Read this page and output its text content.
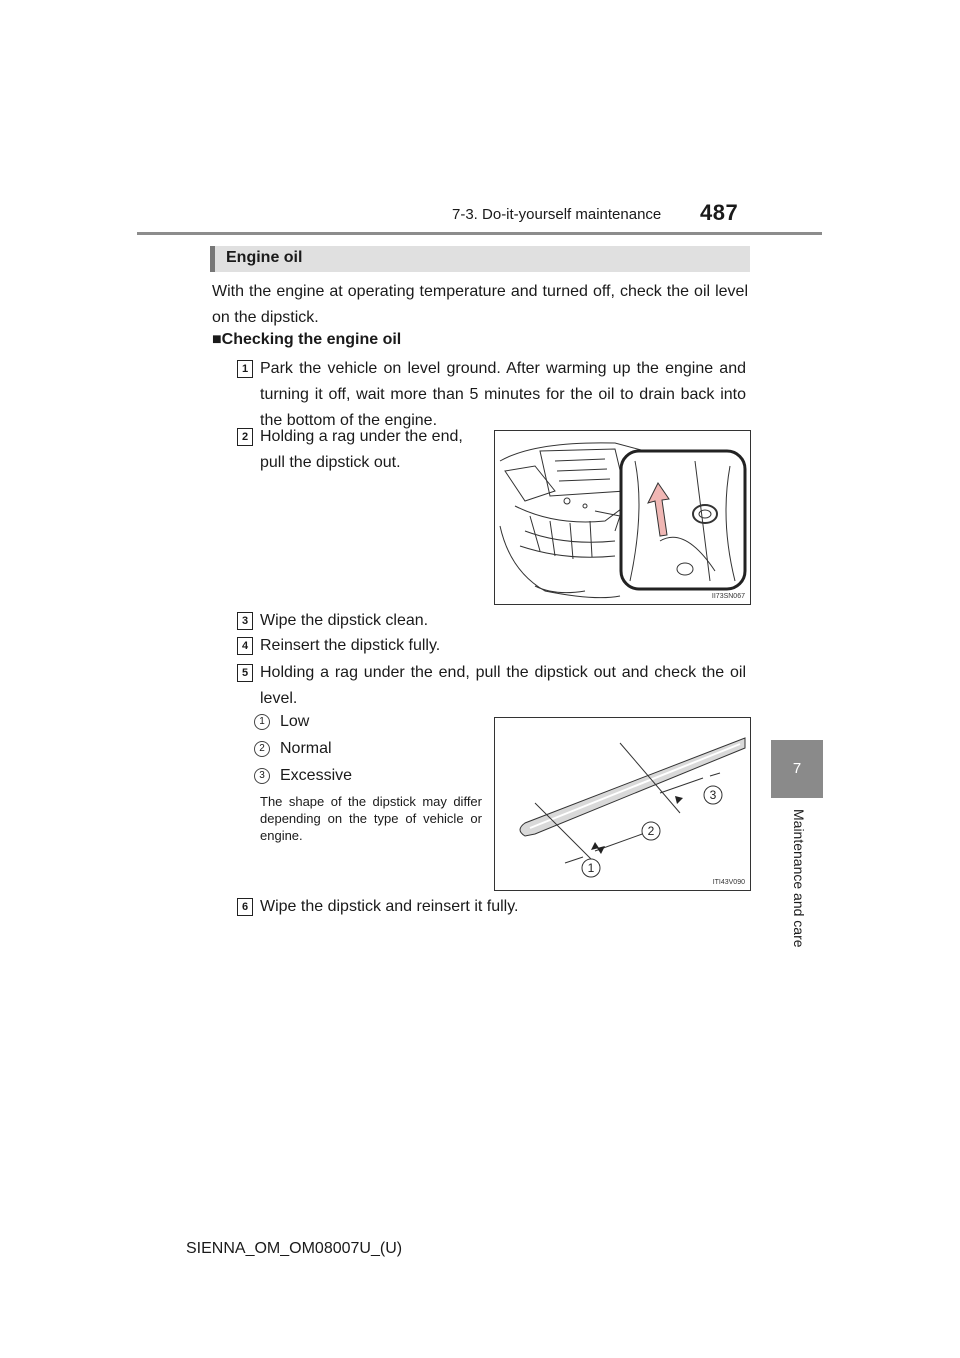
7-3. Do-it-yourself maintenance 487
7
Maintenance and care
Engine oil
With the engine at operating temperature and turned off, check the oil level on the dipstick.
■Checking the engine oil
1 Park the vehicle on level ground. After warming up the engine and turning it off, wait more than 5 minutes for the oil to drain back into the bottom of the engine.
2 Holding a rag under the end, pull the dipstick out.
II73SN067
3 Wipe the dipstick clean.
4 Reinsert the dipstick fully.
5 Holding a rag under the end, pull the dipstick out and check the oil level.
1 Low
2 Normal
3 Excessive
The shape of the dipstick may differ depending on the type of vehicle or engine.
3
2
1
ITI43V090
6 Wipe the dipstick and reinsert it fully.
SIENNA_OM_OM08007U_(U)
